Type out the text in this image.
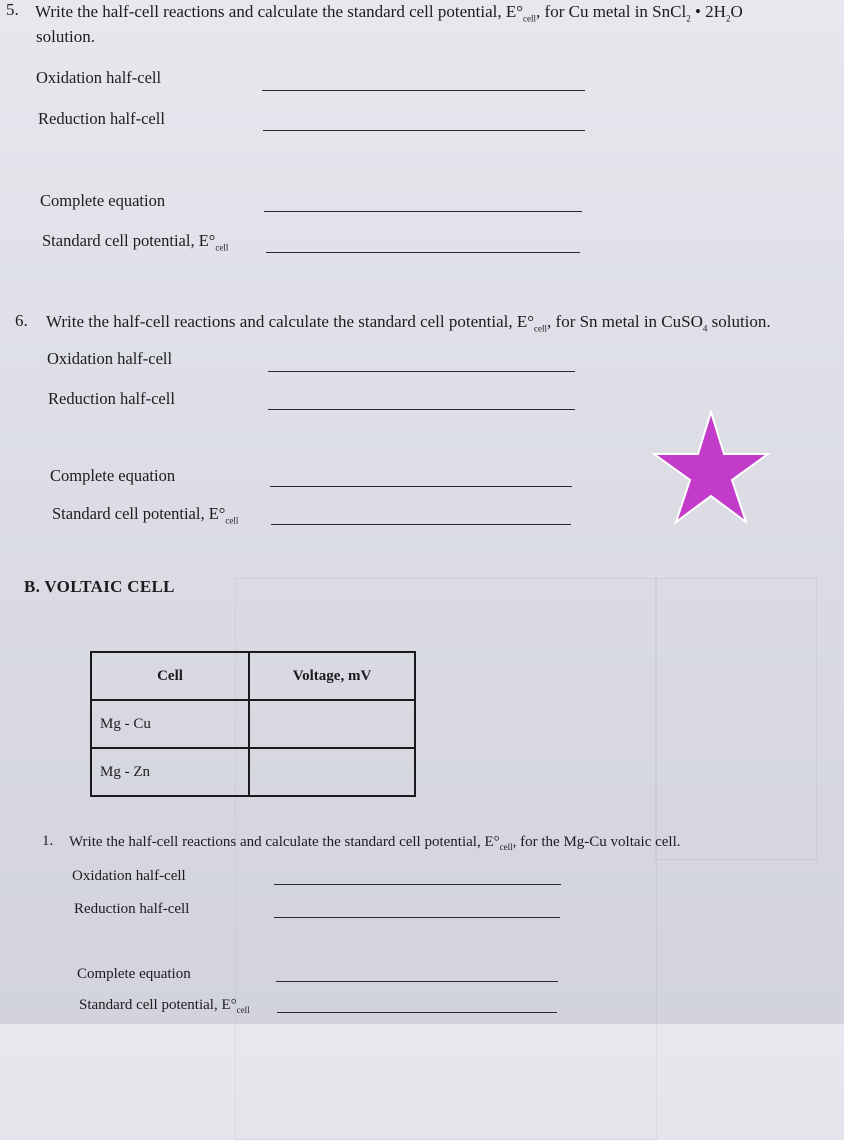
5. Write the half-cell reactions and calculate the standard cell potential, $E^\circ_{cell}$, for Cu metal in SnCl$_2$ • $2H_2O$
solution.
Oxidation half-cell
Reduction half-cell
Complete equation
Standard cell potential, $E^\circ_{cell}$
6. Write the half-cell reactions and calculate the standard cell potential, $E^\circ_{cell}$, for Sn metal in CuSO$_4$ solution.
Oxidation half-cell
Reduction half-cell
Complete equation
Standard cell potential, $E^\circ_{cell}$
B. VOLTAIC CELL
Cell	Voltage, mV
Mg - Cu	
Mg - Zn	
1. Write the half-cell reactions and calculate the standard cell potential, $E^\circ_{cell}$, for the Mg-Cu voltaic cell.
Oxidation half-cell
Reduction half-cell
Complete equation
Standard cell potential, $E^\circ_{cell}$
